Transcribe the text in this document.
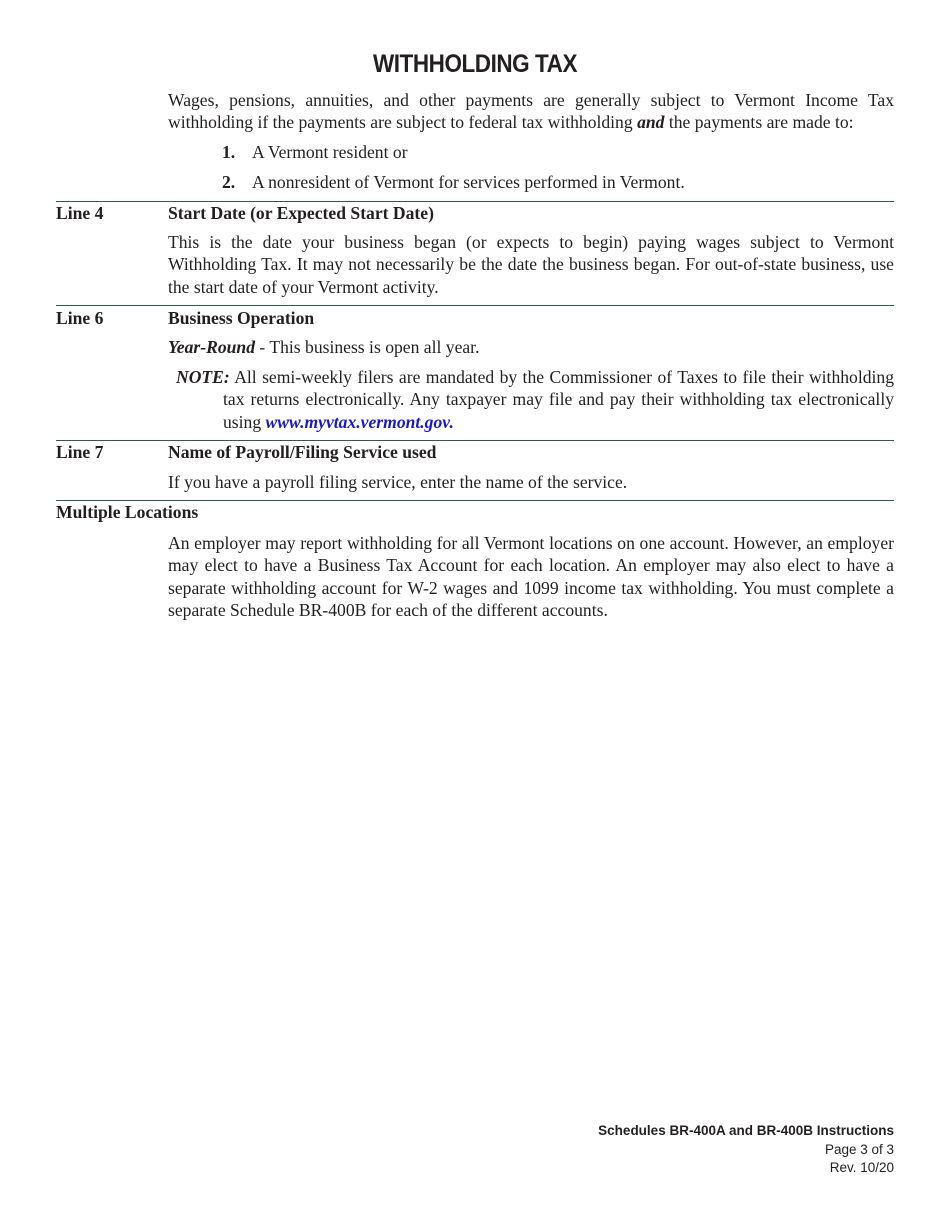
WITHHOLDING TAX
Wages, pensions, annuities, and other payments are generally subject to Vermont Income Tax withholding if the payments are subject to federal tax withholding and the payments are made to:
1. A Vermont resident or
2. A nonresident of Vermont for services performed in Vermont.
Line 4	Start Date (or Expected Start Date)
This is the date your business began (or expects to begin) paying wages subject to Vermont Withholding Tax. It may not necessarily be the date the business began. For out-of-state business, use the start date of your Vermont activity.
Line 6	Business Operation
Year-Round - This business is open all year.
NOTE: All semi-weekly filers are mandated by the Commissioner of Taxes to file their withholding tax returns electronically. Any taxpayer may file and pay their withholding tax electronically using www.myvtax.vermont.gov.
Line 7	Name of Payroll/Filing Service used
If you have a payroll filing service, enter the name of the service.
Multiple Locations
An employer may report withholding for all Vermont locations on one account. However, an employer may elect to have a Business Tax Account for each location. An employer may also elect to have a separate withholding account for W-2 wages and 1099 income tax withholding. You must complete a separate Schedule BR-400B for each of the different accounts.
Schedules BR-400A and BR-400B Instructions
Page 3 of 3
Rev. 10/20
